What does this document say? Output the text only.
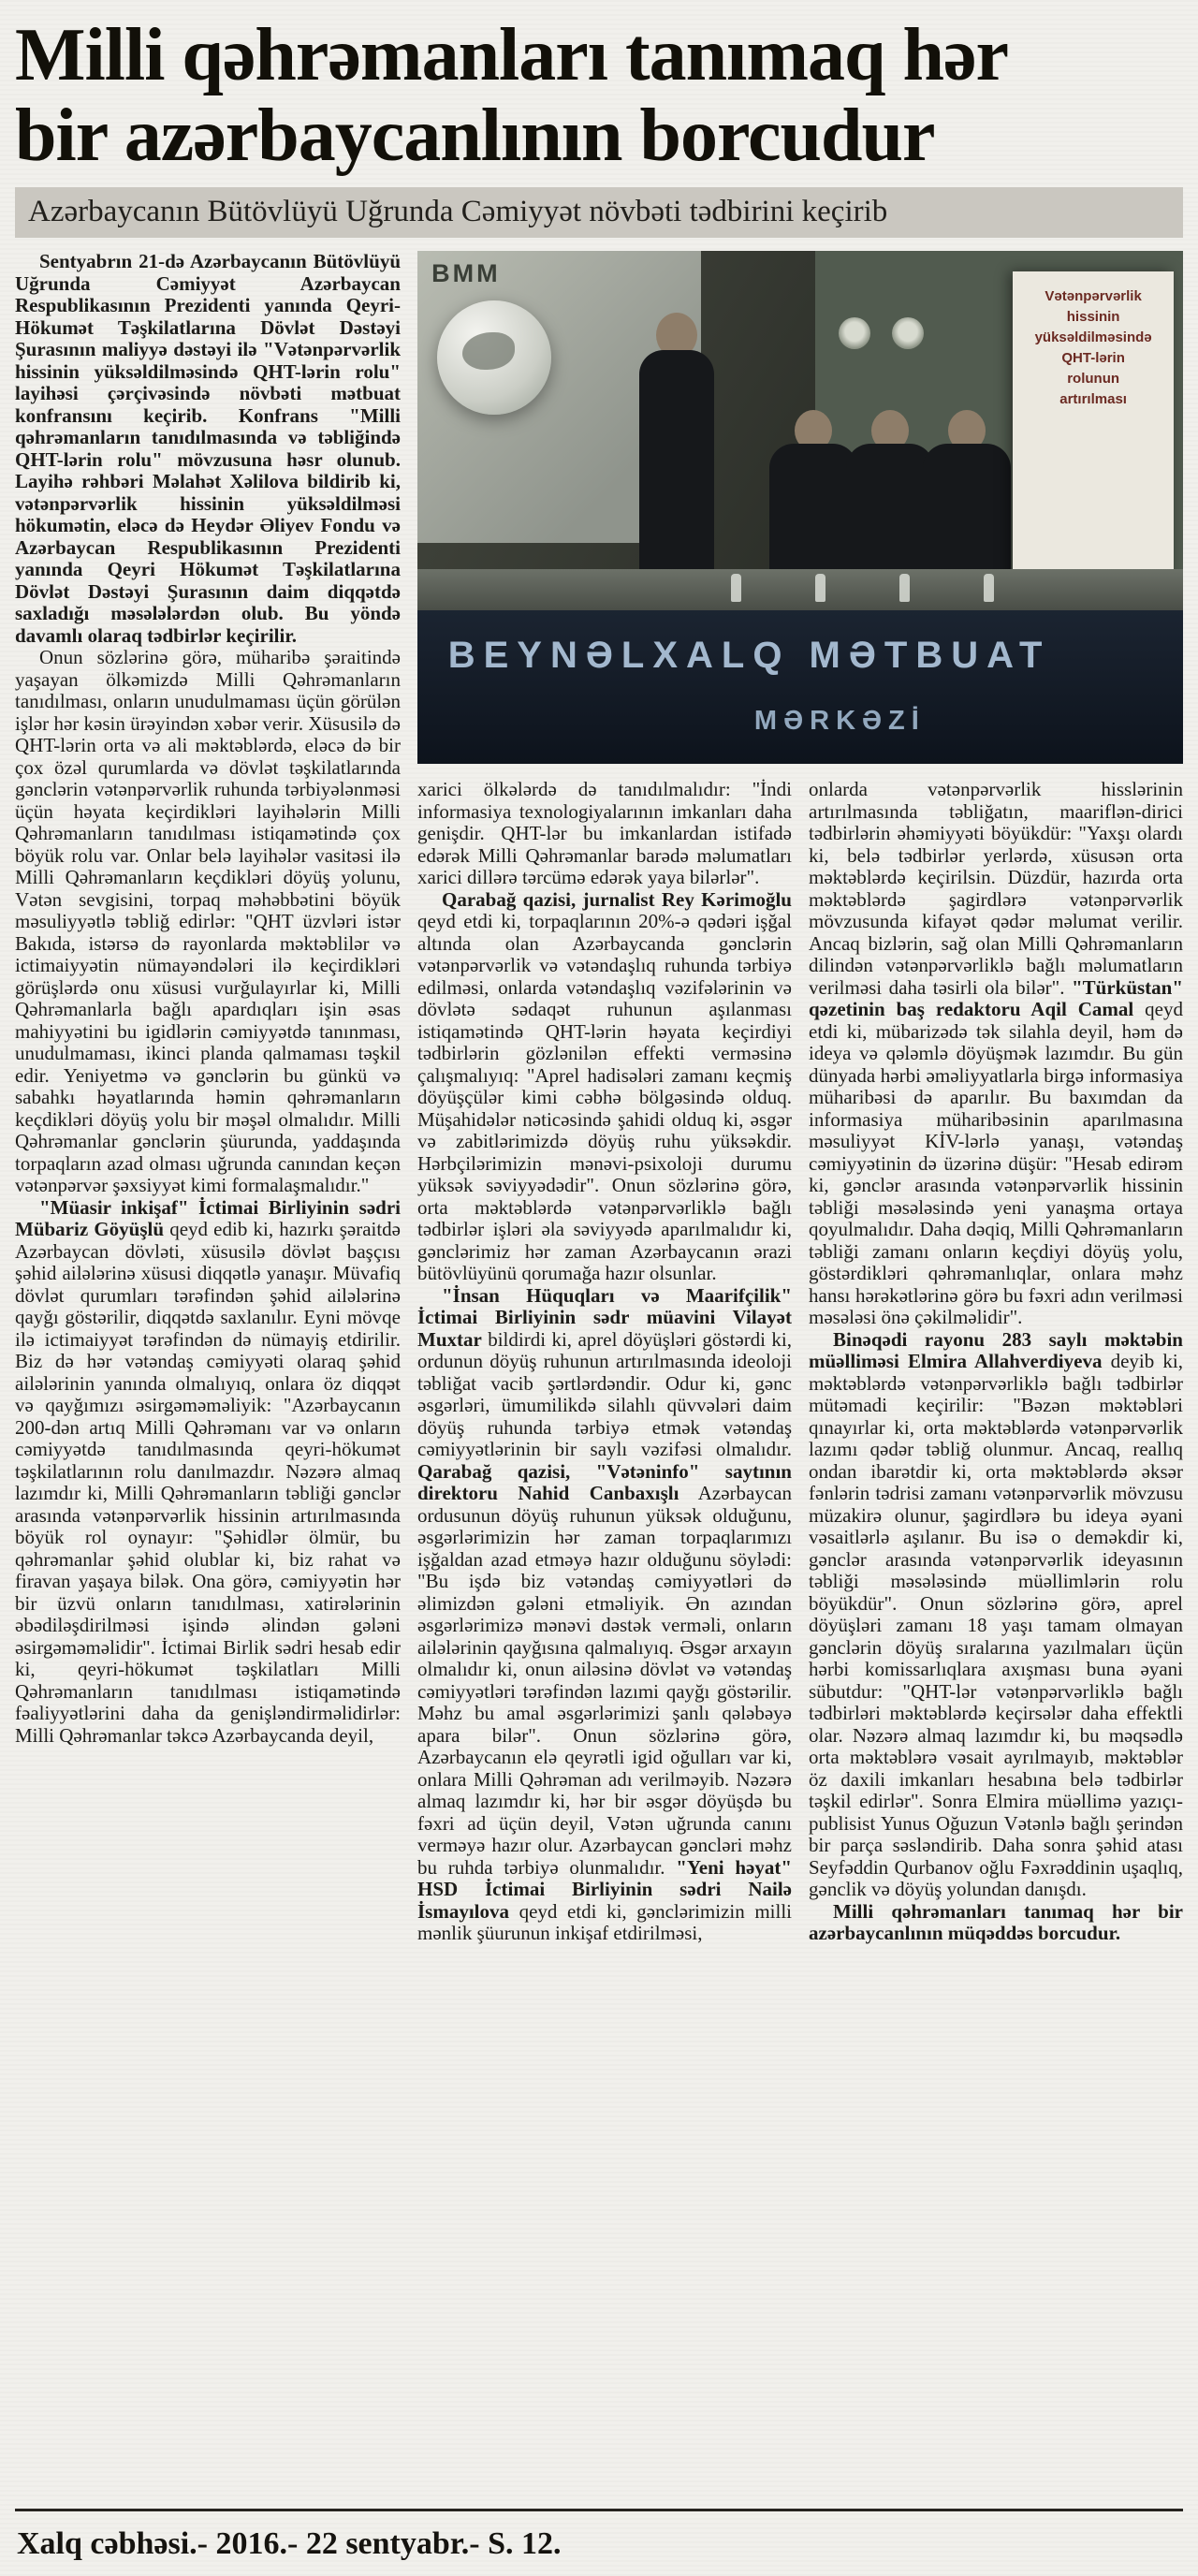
Milli qəhrəmanları tanımaq hər
bir azərbaycanlının borcudur
Azərbaycanın Bütövlüyü Uğrunda Cəmiyyət növbəti tədbirini keçirib

Sentyabrın 21-də Azərbaycanın Bütövlüyü Uğrunda Cəmiyyət Azərbaycan Respublikasının Prezidenti yanında Qeyri-Hökumət Təşkilatlarına Dövlət Dəstəyi Şurasının maliyyə dəstəyi ilə "Vətənpərvərlik hissinin yüksəldilməsində QHT-lərin rolu" layihəsi çərçivəsində növbəti mətbuat konfransını keçirib. Konfrans "Milli qəhrəmanların tanıdılmasında və təbliğində QHT-lərin rolu" mövzusuna həsr olunub. Layihə rəhbəri Məlahət Xəlilova bildirib ki, vətənpərvərlik hissinin yüksəldilməsi hökumətin, eləcə də Heydər Əliyev Fondu və Azərbaycan Respublikasının Prezidenti yanında Qeyri Hökumət Təşkilatlarına Dövlət Dəstəyi Şurasının daim diqqətdə saxladığı məsələlərdən olub. Bu yöndə davamlı olaraq tədbirlər keçirilir.

Onun sözlərinə görə, müharibə şəraitində yaşayan ölkəmizdə Milli Qəhrəmanların tanıdılması, onların unudulmaması üçün görülən işlər hər kəsin ürəyindən xəbər verir. Xüsusilə də QHT-lərin orta və ali məktəblərdə, eləcə də bir çox özəl qurumlarda və dövlət təşkilatlarında gənclərin vətənpərvərlik ruhunda tərbiyələnməsi üçün həyata keçirdikləri layihələrin Milli Qəhrəmanların tanıdılması istiqamətində çox böyük rolu var. Onlar belə layihələr vasitəsi ilə Milli Qəhrəmanların keçdikləri döyüş yolunu, Vətən sevgisini, torpaq məhəbbətini böyük məsuliyyətlə təbliğ edirlər: "QHT üzvləri istər Bakıda, istərsə də rayonlarda məktəblilər və ictimaiyyətin nümayəndələri ilə keçirdikləri görüşlərdə onu xüsusi vurğulayırlar ki, Milli Qəhrəmanlarla bağlı apardıqları işin əsas mahiyyətini bu igidlərin cəmiyyətdə tanınması, unudulmaması, ikinci planda qalmaması təşkil edir. Yeniyetmə və gənclərin bu günkü və sabahkı həyatlarında həmin qəhrəmanların keçdikləri döyüş yolu bir məşəl olmalıdır. Milli Qəhrəmanlar gənclərin şüurunda, yaddaşında torpaqların azad olması uğrunda canından keçən vətənpərvər şəxsiyyət kimi formalaşmalıdır."

"Müasir inkişaf" İctimai Birliyinin sədri Mübariz Göyüşlü qeyd edib ki, hazırkı şəraitdə Azərbaycan dövləti, xüsusilə dövlət başçısı şəhid ailələrinə xüsusi diqqətlə yanaşır. Müvafiq dövlət qurumları tərəfindən şəhid ailələrinə qayğı göstərilir, diqqətdə saxlanılır. Eyni mövqe ilə ictimaiyyət tərəfindən də nümayiş etdirilir. Biz də hər vətəndaş cəmiyyəti olaraq şəhid ailələrinin yanında olmalıyıq, onlara öz diqqət və qayğımızı əsirgəməməliyik: "Azərbaycanın 200-dən artıq Milli Qəhrəmanı var və onların cəmiyyətdə tanıdılmasında qeyri-hökumət təşkilatlarının rolu danılmazdır. Nəzərə almaq lazımdır ki, Milli Qəhrəmanların təbliği gənclər arasında vətənpərvərlik hissinin artırılmasında böyük rol oynayır: "Şəhidlər ölmür, bu qəhrəmanlar şəhid olublar ki, biz rahat və firavan yaşaya bilək. Ona görə, cəmiyyətin hər bir üzvü onların tanıdılması, xatirələrinin əbədiləşdirilməsi işində əlindən gələni əsirgəməməlidir". İctimai Birlik sədri hesab edir ki, qeyri-hökumət təşkilatları Milli Qəhrəmanların tanıdılması istiqamətində fəaliyyətlərini daha da genişləndirməlidirlər: Milli Qəhrəmanlar təkcə Azərbaycanda deyil,

BMM
Vətənpərvərlik
hissinin
yüksəldilməsində
QHT-lərin
rolunun
artırılması
BEYNƏLXALQ MƏTBUAT
MƏRKƏZİ

xarici ölkələrdə də tanıdılmalıdır: "İndi informasiya texnologiyalarının imkanları daha genişdir. QHT-lər bu imkanlardan istifadə edərək Milli Qəhrəmanlar barədə məlumatları xarici dillərə tərcümə edərək yaya bilərlər".

Qarabağ qazisi, jurnalist Rey Kərimoğlu qeyd etdi ki, torpaqlarının 20%-ə qədəri işğal altında olan Azərbaycanda gənclərin vətənpərvərlik və vətəndaşlıq ruhunda tərbiyə edilməsi, onlarda vətəndaşlıq vəzifələrinin və dövlətə sədaqət ruhunun aşılanması istiqamətində QHT-lərin həyata keçirdiyi tədbirlərin gözlənilən effekti verməsinə çalışmalıyıq: "Aprel hadisələri zamanı keçmiş döyüşçülər kimi cəbhə bölgəsində olduq. Müşahidələr nəticəsində şahidi olduq ki, əsgər və zabitlərimizdə döyüş ruhu yüksəkdir. Hərbçilərimizin mənəvi-psixoloji durumu yüksək səviyyədədir". Onun sözlərinə görə, orta məktəblərdə vətənpərvərliklə bağlı tədbirlər işləri əla səviyyədə aparılmalıdır ki, gənclərimiz hər zaman Azərbaycanın ərazi bütövlüyünü qorumağa hazır olsunlar.

"İnsan Hüquqları və Maarifçilik" İctimai Birliyinin sədr müavini Vilayət Muxtar bildirdi ki, aprel döyüşləri göstərdi ki, ordunun döyüş ruhunun artırılmasında ideoloji təbliğat vacib şərtlərdəndir. Odur ki, gənc əsgərləri, ümumilikdə silahlı qüvvələri daim döyüş ruhunda tərbiyə etmək vətəndaş cəmiyyətlərinin bir saylı vəzifəsi olmalıdır. Qarabağ qazisi, "Vətəninfo" saytının direktoru Nahid Canbaxışlı Azərbaycan ordusunun döyüş ruhunun yüksək olduğunu, əsgərlərimizin hər zaman torpaqlarımızı işğaldan azad etməyə hazır olduğunu söylədi: "Bu işdə biz vətəndaş cəmiyyətləri də əlimizdən gələni etməliyik. Ən azından əsgərlərimizə mənəvi dəstək verməli, onların ailələrinin qayğısına qalmalıyıq. Əsgər arxayın olmalıdır ki, onun ailəsinə dövlət və vətəndaş cəmiyyətləri tərəfindən lazımi qayğı göstərilir. Məhz bu amal əsgərlərimizi şanlı qələbəyə apara bilər". Onun sözlərinə görə, Azərbaycanın elə qeyrətli igid oğulları var ki, onlara Milli Qəhrəman adı verilməyib. Nəzərə almaq lazımdır ki, hər bir əsgər döyüşdə bu fəxri ad üçün deyil, Vətən uğrunda canını verməyə hazır olur. Azərbaycan gəncləri məhz bu ruhda tərbiyə olunmalıdır. "Yeni həyat" HSD İctimai Birliyinin sədri Nailə İsmayılova qeyd etdi ki, gənclərimizin milli mənlik şüurunun inkişaf etdirilməsi,

onlarda vətənpərvərlik hisslərinin artırılmasında təbliğatın, maariflən-dirici tədbirlərin əhəmiyyəti böyükdür: "Yaxşı olardı ki, belə tədbirlər yerlərdə, xüsusən orta məktəblərdə keçirilsin. Düzdür, hazırda orta məktəblərdə şagirdlərə vətənpərvərlik mövzusunda kifayət qədər məlumat verilir. Ancaq bizlərin, sağ olan Milli Qəhrəmanların dilindən vətənpərvərliklə bağlı məlumatların verilməsi daha təsirli ola bilər". "Türküstan" qəzetinin baş redaktoru Aqil Camal qeyd etdi ki, mübarizədə tək silahla deyil, həm də ideya və qələmlə döyüşmək lazımdır. Bu gün dünyada hərbi əməliyyatlarla birgə informasiya müharibəsi də aparılır. Bu baxımdan da informasiya müharibəsinin aparılmasına məsuliyyət KİV-lərlə yanaşı, vətəndaş cəmiyyətinin də üzərinə düşür: "Hesab edirəm ki, gənclər arasında vətənpərvərlik hissinin təbliği məsələsində yeni yanaşma ortaya qoyulmalıdır. Daha dəqiq, Milli Qəhrəmanların təbliği zamanı onların keçdiyi döyüş yolu, göstərdikləri qəhrəmanlıqlar, onlara məhz hansı hərəkətlərinə görə bu fəxri adın verilməsi məsələsi önə çəkilməlidir".

Binəqədi rayonu 283 saylı məktəbin müəlliməsi Elmira Allahverdiyeva deyib ki, məktəblərdə vətənpərvərliklə bağlı tədbirlər mütəmadi keçirilir: "Bəzən məktəbləri qınayırlar ki, orta məktəblərdə vətənpərvərlik lazımı qədər təbliğ olunmur. Ancaq, reallıq ondan ibarətdir ki, orta məktəblərdə əksər fənlərin tədrisi zamanı vətənpərvərlik mövzusu müzakirə olunur, şagirdlərə bu ideya əyani vəsaitlərlə aşılanır. Bu isə o deməkdir ki, gənclər arasında vətənpərvərlik ideyasının təbliği məsələsində müəllimlərin rolu böyükdür". Onun sözlərinə görə, aprel döyüşləri zamanı 18 yaşı tamam olmayan gənclərin döyüş sıralarına yazılmaları üçün hərbi komissarlıqlara axışması buna əyani sübutdur: "QHT-lər vətənpərvərliklə bağlı tədbirləri məktəblərdə keçirsələr daha effektli olar. Nəzərə almaq lazımdır ki, bu məqsədlə orta məktəblərə vəsait ayrılmayıb, məktəblər öz daxili imkanları hesabına belə tədbirlər təşkil edirlər". Sonra Elmira müəllimə yazıçı-publisist Yunus Oğuzun Vətənlə bağlı şerindən bir parça səsləndirib. Daha sonra şəhid atası Seyfəddin Qurbanov oğlu Fəxrəddinin uşaqlıq, gənclik və döyüş yolundan danışdı.

Milli qəhrəmanları tanımaq hər bir azərbaycanlının müqəddəs borcudur.

Xalq cəbhəsi.- 2016.- 22 sentyabr.- S. 12.
